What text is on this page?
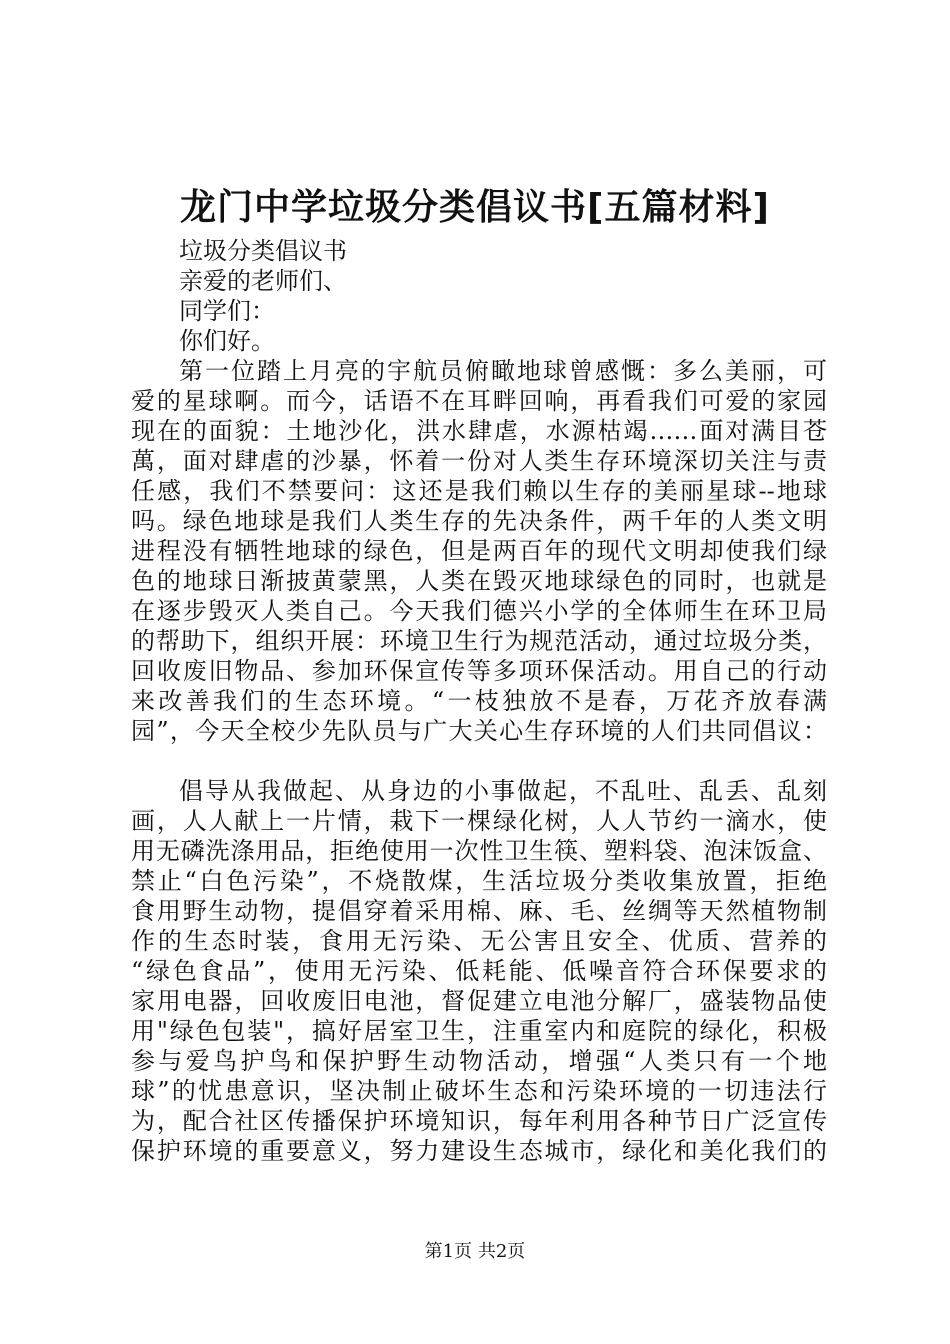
龙门中学垃圾分类倡议书[五篇材料]
垃圾分类倡议书
亲爱的老师们、
同学们：
你们好。
第一位踏上月亮的宇航员俯瞰地球曾感慨：多么美丽，可
爱的星球啊。而今，话语不在耳畔回响，再看我们可爱的家园
现在的面貌：土地沙化，洪水肆虐，水源枯竭……面对满目苍
萬，面对肆虐的沙暴，怀着一份对人类生存环境深切关注与责
任感，我们不禁要问：这还是我们赖以生存的美丽星球--地球
吗。绿色地球是我们人类生存的先决条件，两千年的人类文明
进程没有牺牲地球的绿色，但是两百年的现代文明却使我们绿
色的地球日渐披黄蒙黑，人类在毁灭地球绿色的同时，也就是
在逐步毁灭人类自己。今天我们德兴小学的全体师生在环卫局
的帮助下，组织开展：环境卫生行为规范活动，通过垃圾分类，
回收废旧物品、参加环保宣传等多项环保活动。用自己的行动
来改善我们的生态环境。“一枝独放不是春，万花齐放春满
园”，今天全校少先队员与广大关心生存环境的人们共同倡议：
倡导从我做起、从身边的小事做起，不乱吐、乱丢、乱刻
画，人人献上一片情，栽下一棵绿化树，人人节约一滴水，使
用无磷洗涤用品，拒绝使用一次性卫生筷、塑料袋、泡沫饭盒、
禁止“白色污染”，不烧散煤，生活垃圾分类收集放置，拒绝
食用野生动物，提倡穿着采用棉、麻、毛、丝绸等天然植物制
作的生态时装，食用无污染、无公害且安全、优质、营养的
“绿色食品”，使用无污染、低耗能、低噪音符合环保要求的
家用电器，回收废旧电池，督促建立电池分解厂，盛装物品使
用"绿色包装"，搞好居室卫生，注重室内和庭院的绿化，积极
参与爱鸟护鸟和保护野生动物活动，增强“人类只有一个地
球”的忧患意识，坚决制止破坏生态和污染环境的一切违法行
为，配合社区传播保护环境知识，每年利用各种节日广泛宣传
保护环境的重要意义，努力建设生态城市，绿化和美化我们的
第1页 共2页
